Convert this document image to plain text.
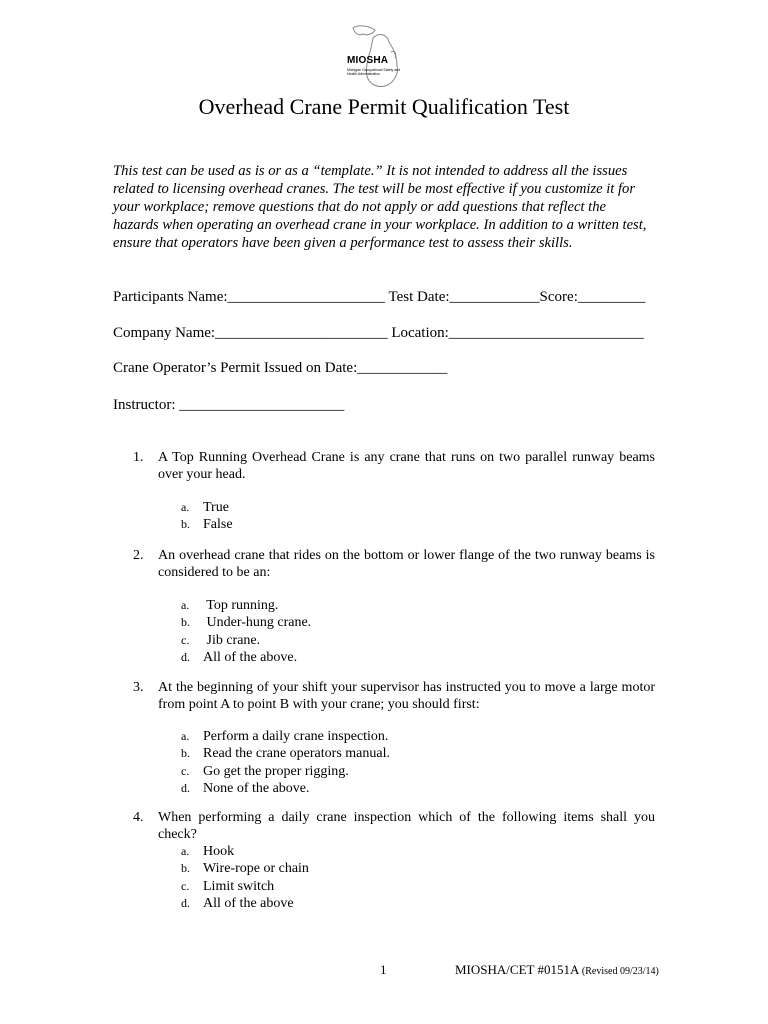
MIOSHA
Michigan Occupational Safety and Health Administration
Overhead Crane Permit Qualification Test
This test can be used as is or as a “template.” It is not intended to address all the issues related to licensing overhead cranes. The test will be most effective if you customize it for your workplace; remove questions that do not apply or add questions that reflect the hazards when operating an overhead crane in your workplace. In addition to a written test, ensure that operators have been given a performance test to assess their skills.
Participants Name:_____________________ Test Date:____________Score:_________
Company Name:_______________________ Location:__________________________
Crane Operator’s Permit Issued on Date:____________
Instructor: ______________________
1. A Top Running Overhead Crane is any crane that runs on two parallel runway beams over your head.
a. True
b. False
2. An overhead crane that rides on the bottom or lower flange of the two runway beams is considered to be an:
a. Top running.
b. Under-hung crane.
c. Jib crane.
d. All of the above.
3. At the beginning of your shift your supervisor has instructed you to move a large motor from point A to point B with your crane; you should first:
a. Perform a daily crane inspection.
b. Read the crane operators manual.
c. Go get the proper rigging.
d. None of the above.
4. When performing a daily crane inspection which of the following items shall you check?
a. Hook
b. Wire-rope or chain
c. Limit switch
d. All of the above
1	MIOSHA/CET #0151A (Revised 09/23/14)
